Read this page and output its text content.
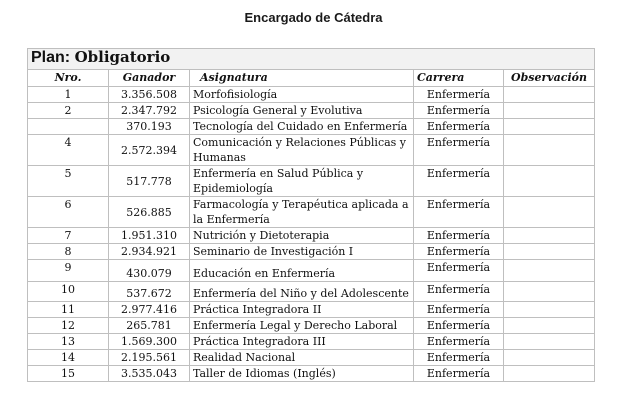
Encargado de Cátedra
Plan: Obligatorio				
Nro.	Ganador	Asignatura	Carrera	Observación
1	3.356.508	Morfofisiología	Enfermería	
2	2.347.792	Psicología General y Evolutiva	Enfermería	
	370.193	Tecnología del Cuidado en Enfermería	Enfermería	
4	2.572.394	Comunicación y Relaciones Públicas y Humanas	Enfermería	
5	517.778	Enfermería en Salud Pública y Epidemiología	Enfermería	
6	526.885	Farmacología y Terapéutica aplicada a la Enfermería	Enfermería	
7	1.951.310	Nutrición y Dietoterapia	Enfermería	
8	2.934.921	Seminario de Investigación I	Enfermería	
9	430.079	Educación en Enfermería	Enfermería	
10	537.672	Enfermería del Niño y del Adolescente	Enfermería	
11	2.977.416	Práctica Integradora II	Enfermería	
12	265.781	Enfermería Legal y Derecho Laboral	Enfermería	
13	1.569.300	Práctica Integradora III	Enfermería	
14	2.195.561	Realidad Nacional	Enfermería	
15	3.535.043	Taller de Idiomas (Inglés)	Enfermería	
